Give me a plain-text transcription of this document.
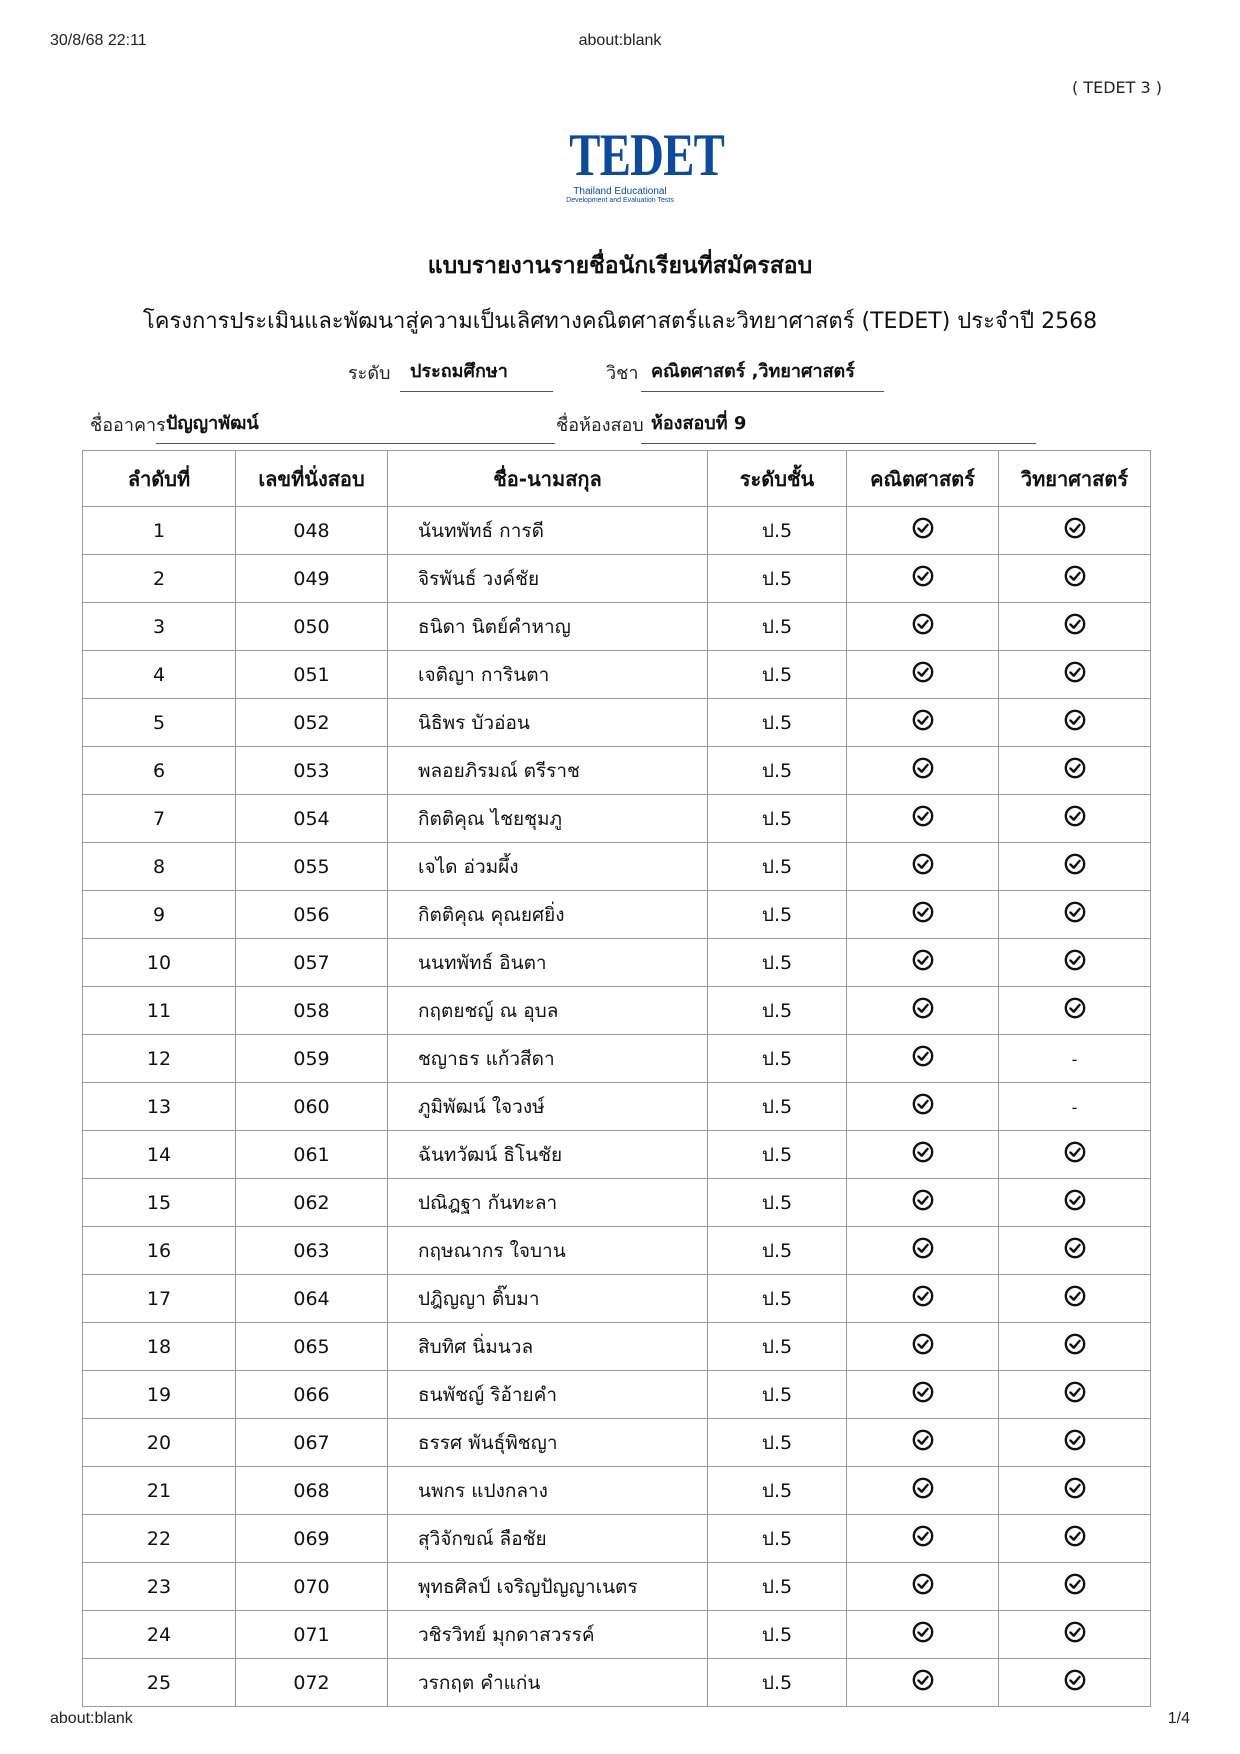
30/8/68 22:11	about:blank
( TEDET 3 )
TEDET
Thailand Educational
Development and Evaluation Tests
แบบรายงานรายชื่อนักเรียนที่สมัครสอบ
โครงการประเมินและพัฒนาสู่ความเป็นเลิศทางคณิตศาสตร์และวิทยาศาสตร์ (TEDET) ประจำปี 2568
ระดับ	ประถมศึกษา	วิชา คณิตศาสตร์ ,วิทยาศาสตร์
ชื่ออาคาร ปัญญาพัฒน์	ชื่อห้องสอบ ห้องสอบที่ 9
ลำดับที่	เลขที่นั่งสอบ	ชื่อ-นามสกุล	ระดับชั้น	คณิตศาสตร์	วิทยาศาสตร์
1	048	นันทพัทธ์ การดี	ป.5		
2	049	จิรพันธ์ วงค์ชัย	ป.5		
3	050	ธนิดา นิตย์คำหาญ	ป.5		
4	051	เจติญา การินตา	ป.5		
5	052	นิธิพร บัวอ่อน	ป.5		
6	053	พลอยภิรมณ์ ตรีราช	ป.5		
7	054	กิตติคุณ ไชยชุมภู	ป.5		
8	055	เจได อ่วมผึ้ง	ป.5		
9	056	กิตติคุณ คุณยศยิ่ง	ป.5		
10	057	นนทพัทธ์ อินตา	ป.5		
11	058	กฤตยชญ์ ณ อุบล	ป.5		
12	059	ชญาธร แก้วสีดา	ป.5		-
13	060	ภูมิพัฒน์ ใจวงษ์	ป.5		-
14	061	ฉันทวัฒน์ ธิโนชัย	ป.5		
15	062	ปณิฎฐา กันทะลา	ป.5		
16	063	กฤษณากร ใจบาน	ป.5		
17	064	ปฎิญญา ติ๊บมา	ป.5		
18	065	สิบทิศ นิ่มนวล	ป.5		
19	066	ธนพัชญ์ ริอ้ายคำ	ป.5		
20	067	ธรรศ พันธุ์พิชญา	ป.5		
21	068	นพกร แปงกลาง	ป.5		
22	069	สุวิจักขณ์ ลือชัย	ป.5		
23	070	พุทธศิลป์ เจริญปัญญาเนตร	ป.5		
24	071	วชิรวิทย์ มุกดาสวรรค์	ป.5		
25	072	วรกฤต คำแก่น	ป.5		
about:blank	1/4
